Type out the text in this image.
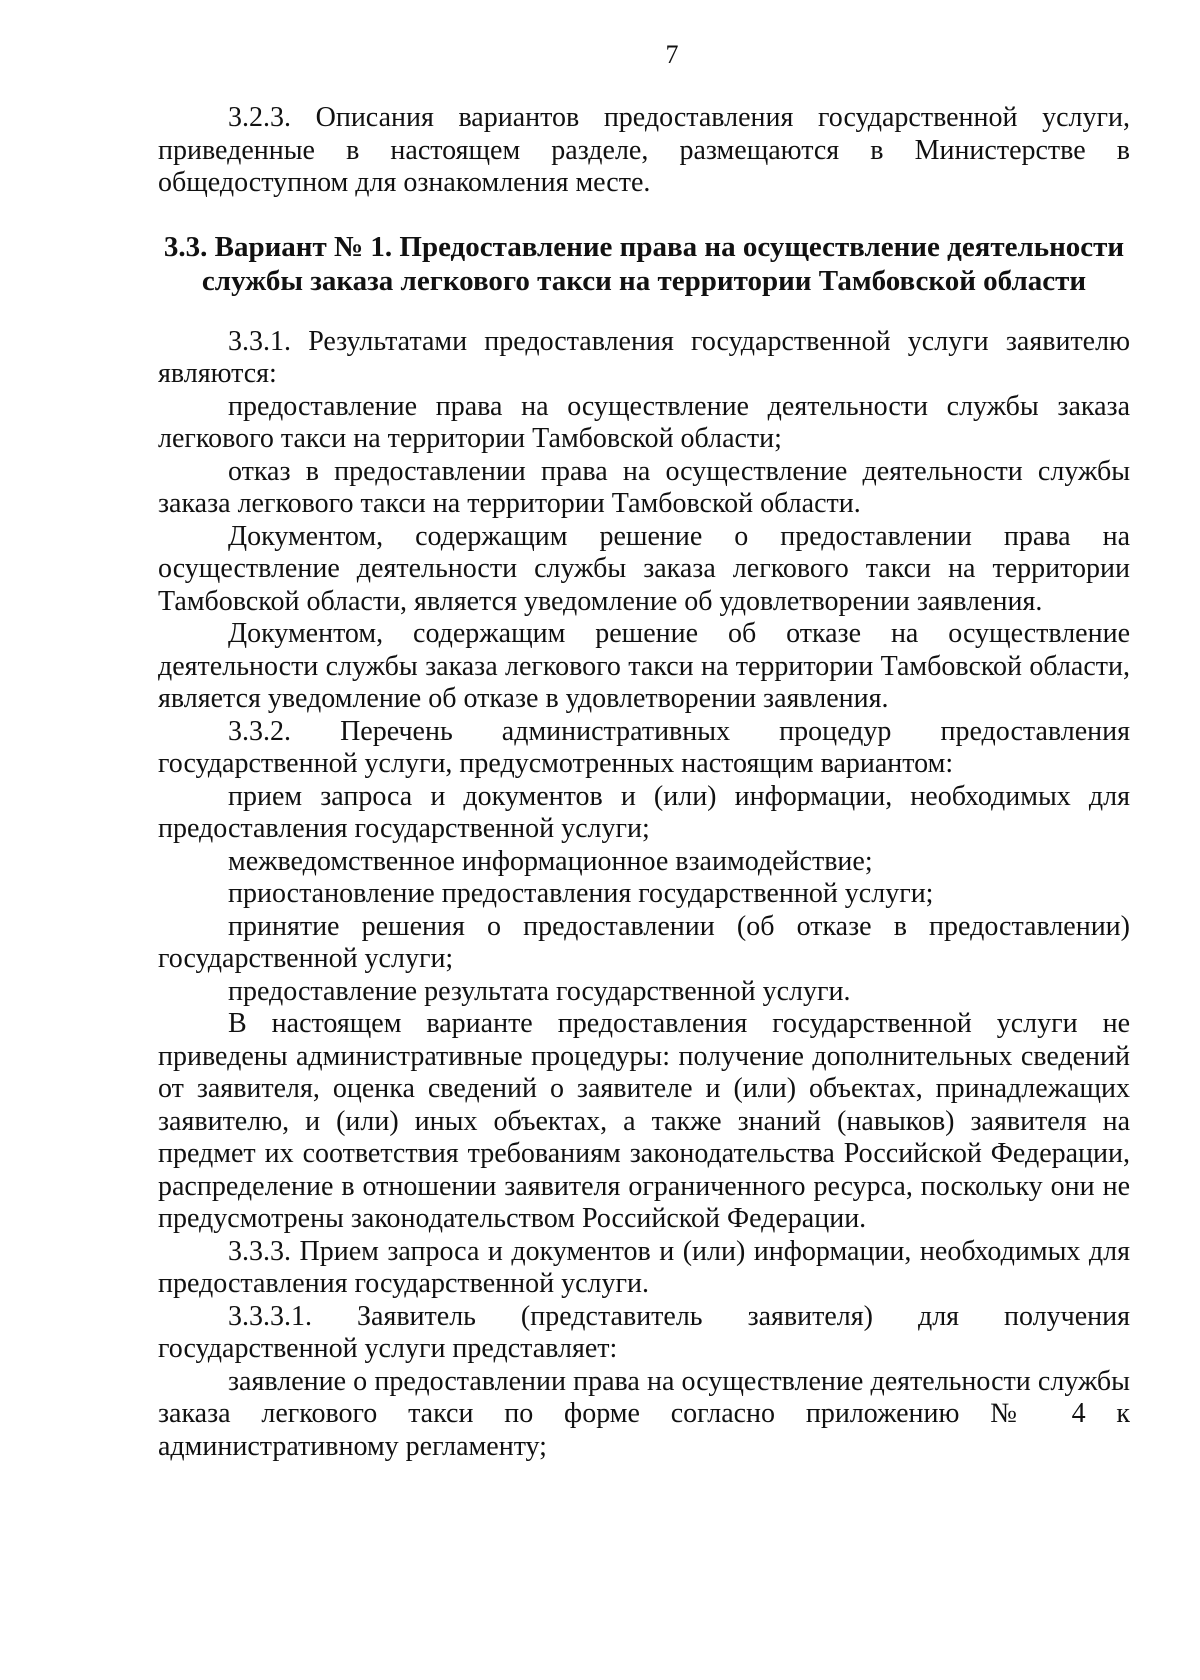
7

3.2.3. Описания вариантов предоставления государственной услуги, приведенные в настоящем разделе, размещаются в Министерстве в общедоступном для ознакомления месте.

3.3. Вариант № 1. Предоставление права на осуществление деятельности службы заказа легкового такси на территории Тамбовской области

3.3.1. Результатами предоставления государственной услуги заявителю являются:

предоставление права на осуществление деятельности службы заказа легкового такси на территории Тамбовской области;

отказ в предоставлении права на осуществление деятельности службы заказа легкового такси на территории Тамбовской области.

Документом, содержащим решение о предоставлении права на осуществление деятельности службы заказа легкового такси на территории Тамбовской области, является уведомление об удовлетворении заявления.

Документом, содержащим решение об отказе на осуществление деятельности службы заказа легкового такси на территории Тамбовской области, является уведомление об отказе в удовлетворении заявления.

3.3.2. Перечень административных процедур предоставления государственной услуги, предусмотренных настоящим вариантом:

прием запроса и документов и (или) информации, необходимых для предоставления государственной услуги;

межведомственное информационное взаимодействие;

приостановление предоставления государственной услуги;

принятие решения о предоставлении (об отказе в предоставлении) государственной услуги;

предоставление результата государственной услуги.

В настоящем варианте предоставления государственной услуги не приведены административные процедуры: получение дополнительных сведений от заявителя, оценка сведений о заявителе и (или) объектах, принадлежащих заявителю, и (или) иных объектах, а также знаний (навыков) заявителя на предмет их соответствия требованиям законодательства Российской Федерации, распределение в отношении заявителя ограниченного ресурса, поскольку они не предусмотрены законодательством Российской Федерации.

3.3.3. Прием запроса и документов и (или) информации, необходимых для предоставления государственной услуги.

3.3.3.1. Заявитель (представитель заявителя) для получения государственной услуги представляет:

заявление о предоставлении права на осуществление деятельности службы заказа легкового такси по форме согласно приложению № 4 к административному регламенту;
